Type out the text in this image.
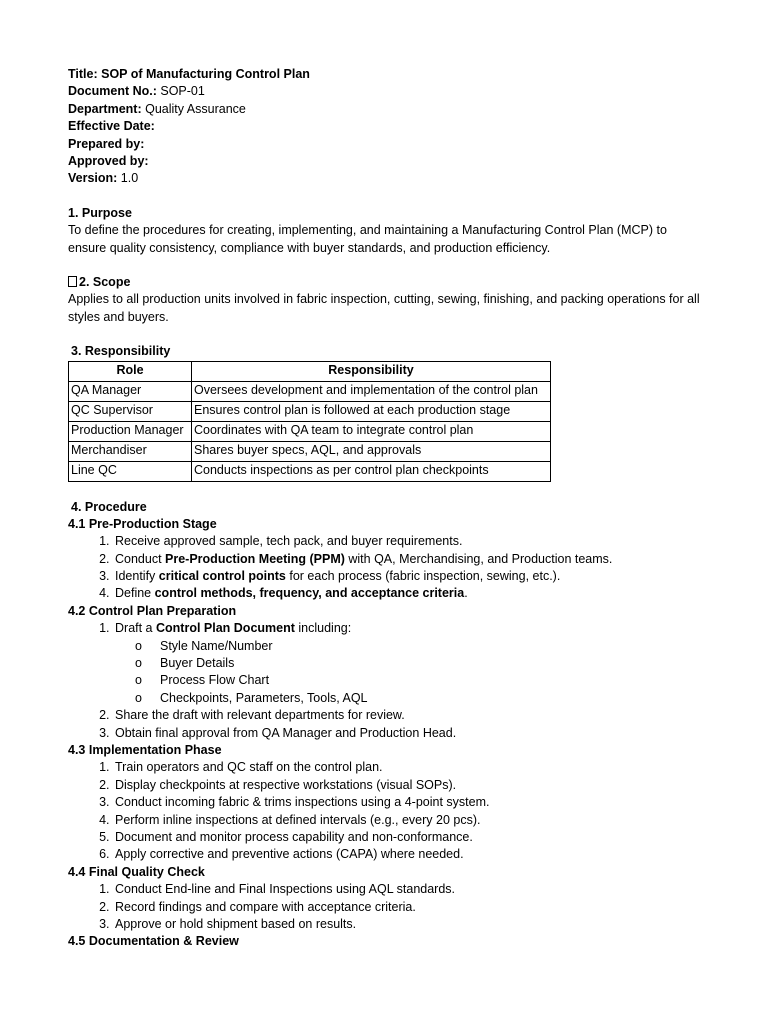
Title: SOP of Manufacturing Control Plan
Document No.: SOP-01
Department: Quality Assurance
Effective Date:
Prepared by:
Approved by:
Version: 1.0
1. Purpose
To define the procedures for creating, implementing, and maintaining a Manufacturing Control Plan (MCP) to ensure quality consistency, compliance with buyer standards, and production efficiency.
2. Scope
Applies to all production units involved in fabric inspection, cutting, sewing, finishing, and packing operations for all styles and buyers.
3. Responsibility
Role	Responsibility
QA Manager	Oversees development and implementation of the control plan
QC Supervisor	Ensures control plan is followed at each production stage
Production Manager	Coordinates with QA team to integrate control plan
Merchandiser	Shares buyer specs, AQL, and approvals
Line QC	Conducts inspections as per control plan checkpoints
4. Procedure
4.1 Pre-Production Stage
1. Receive approved sample, tech pack, and buyer requirements.
2. Conduct Pre-Production Meeting (PPM) with QA, Merchandising, and Production teams.
3. Identify critical control points for each process (fabric inspection, sewing, etc.).
4. Define control methods, frequency, and acceptance criteria.
4.2 Control Plan Preparation
1. Draft a Control Plan Document including:
o Style Name/Number
o Buyer Details
o Process Flow Chart
o Checkpoints, Parameters, Tools, AQL
2. Share the draft with relevant departments for review.
3. Obtain final approval from QA Manager and Production Head.
4.3 Implementation Phase
1. Train operators and QC staff on the control plan.
2. Display checkpoints at respective workstations (visual SOPs).
3. Conduct incoming fabric & trims inspections using a 4-point system.
4. Perform inline inspections at defined intervals (e.g., every 20 pcs).
5. Document and monitor process capability and non-conformance.
6. Apply corrective and preventive actions (CAPA) where needed.
4.4 Final Quality Check
1. Conduct End-line and Final Inspections using AQL standards.
2. Record findings and compare with acceptance criteria.
3. Approve or hold shipment based on results.
4.5 Documentation & Review
